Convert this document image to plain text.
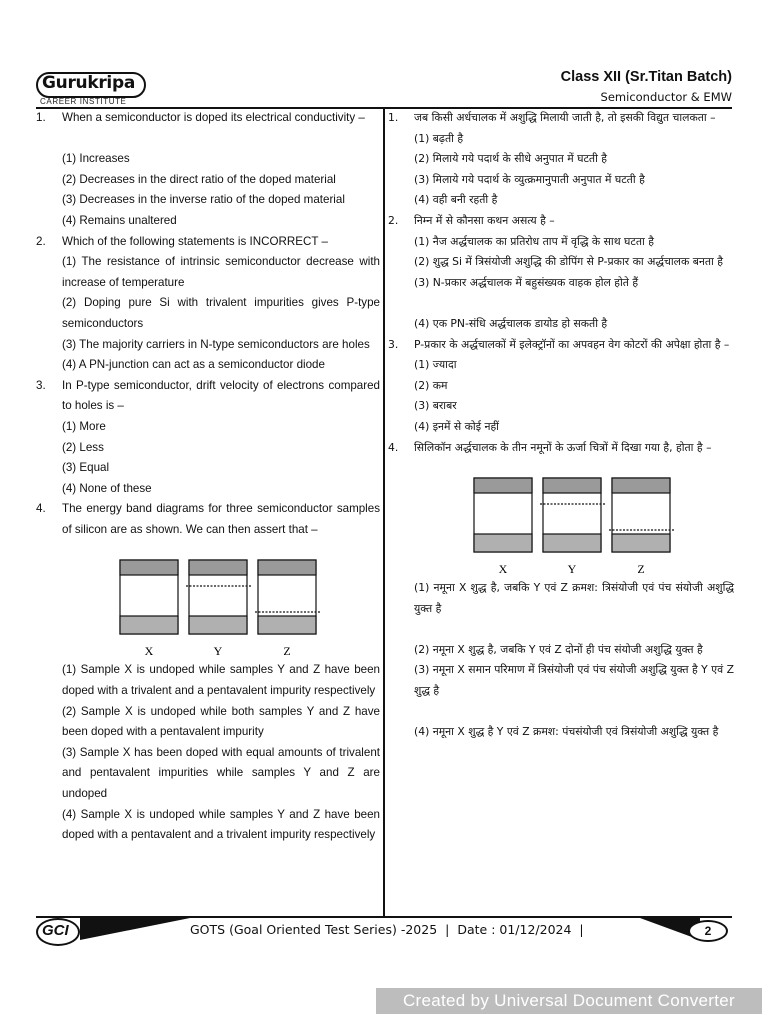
Gurukripa
CAREER INSTITUTE
Class XII (Sr.Titan Batch)
Semiconductor & EMW
1. When a semiconductor is doped its electrical conductivity –
(1) Increases
(2) Decreases in the direct ratio of the doped material
(3) Decreases in the inverse ratio of the doped material
(4) Remains unaltered
2. Which of the following statements is INCORRECT –
(1) The resistance of intrinsic semiconductor decrease with increase of temperature
(2) Doping pure Si with trivalent impurities gives P-type semiconductors
(3) The majority carriers in N-type semiconductors are holes
(4) A PN-junction can act as a semiconductor diode
3. In P-type semiconductor, drift velocity of electrons compared to holes is –
(1) More
(2) Less
(3) Equal
(4) None of these
4. The energy band diagrams for three semiconductor samples of silicon are as shown. We can then assert that –
X	Y	Z
(1) Sample X is undoped while samples Y and Z have been doped with a trivalent and a pentavalent impurity respectively
(2) Sample X is undoped while both samples Y and Z have been doped with a pentavalent impurity
(3) Sample X has been doped with equal amounts of trivalent and pentavalent impurities while samples Y and Z are undoped
(4) Sample X is undoped while samples Y and Z have been doped with a pentavalent and a trivalent impurity respectively
1. जब किसी अर्धचालक में अशुद्धि मिलायी जाती है, तो इसकी विद्युत चालकता –
(1) बढ़ती है
(2) मिलाये गये पदार्थ के सीधे अनुपात में घटती है
(3) मिलाये गये पदार्थ के व्युत्क्रमानुपाती अनुपात में घटती है
(4) वही बनी रहती है
2. निम्न में से कौनसा कथन असत्य है –
(1) नैज अर्द्धचालक का प्रतिरोध ताप में वृद्धि के साथ घटता है
(2) शुद्ध Si में त्रिसंयोजी अशुद्धि की डोपिंग से P-प्रकार का अर्द्धचालक बनता है
(3) N-प्रकार अर्द्धचालक में बहुसंख्यक वाहक होल होते हैं
(4) एक PN-संधि अर्द्धचालक डायोड हो सकती है
3. P-प्रकार के अर्द्धचालकों में इलेक्ट्रॉनों का अपवहन वेग कोटरों की अपेक्षा होता है –
(1) ज्यादा
(2) कम
(3) बराबर
(4) इनमें से कोई नहीं
4. सिलिकॉन अर्द्धचालक के तीन नमूनों के ऊर्जा चित्रों में दिखा गया है, होता है –
X	Y	Z
(1) नमूना X शुद्ध है, जबकि Y एवं Z क्रमश: त्रिसंयोजी एवं पंच संयोजी अशुद्धि युक्त है
(2) नमूना X शुद्ध है, जबकि Y एवं Z दोनों ही पंच संयोजी अशुद्धि युक्त है
(3) नमूना X समान परिमाण में त्रिसंयोजी एवं पंच संयोजी अशुद्धि युक्त है Y एवं Z शुद्ध है
(4) नमूना X शुद्ध है Y एवं Z क्रमश: पंचसंयोजी एवं त्रिसंयोजी अशुद्धि युक्त है
GCI	GOTS (Goal Oriented Test Series) -2025 | Date : 01/12/2024 |	2
Created by Universal Document Converter
